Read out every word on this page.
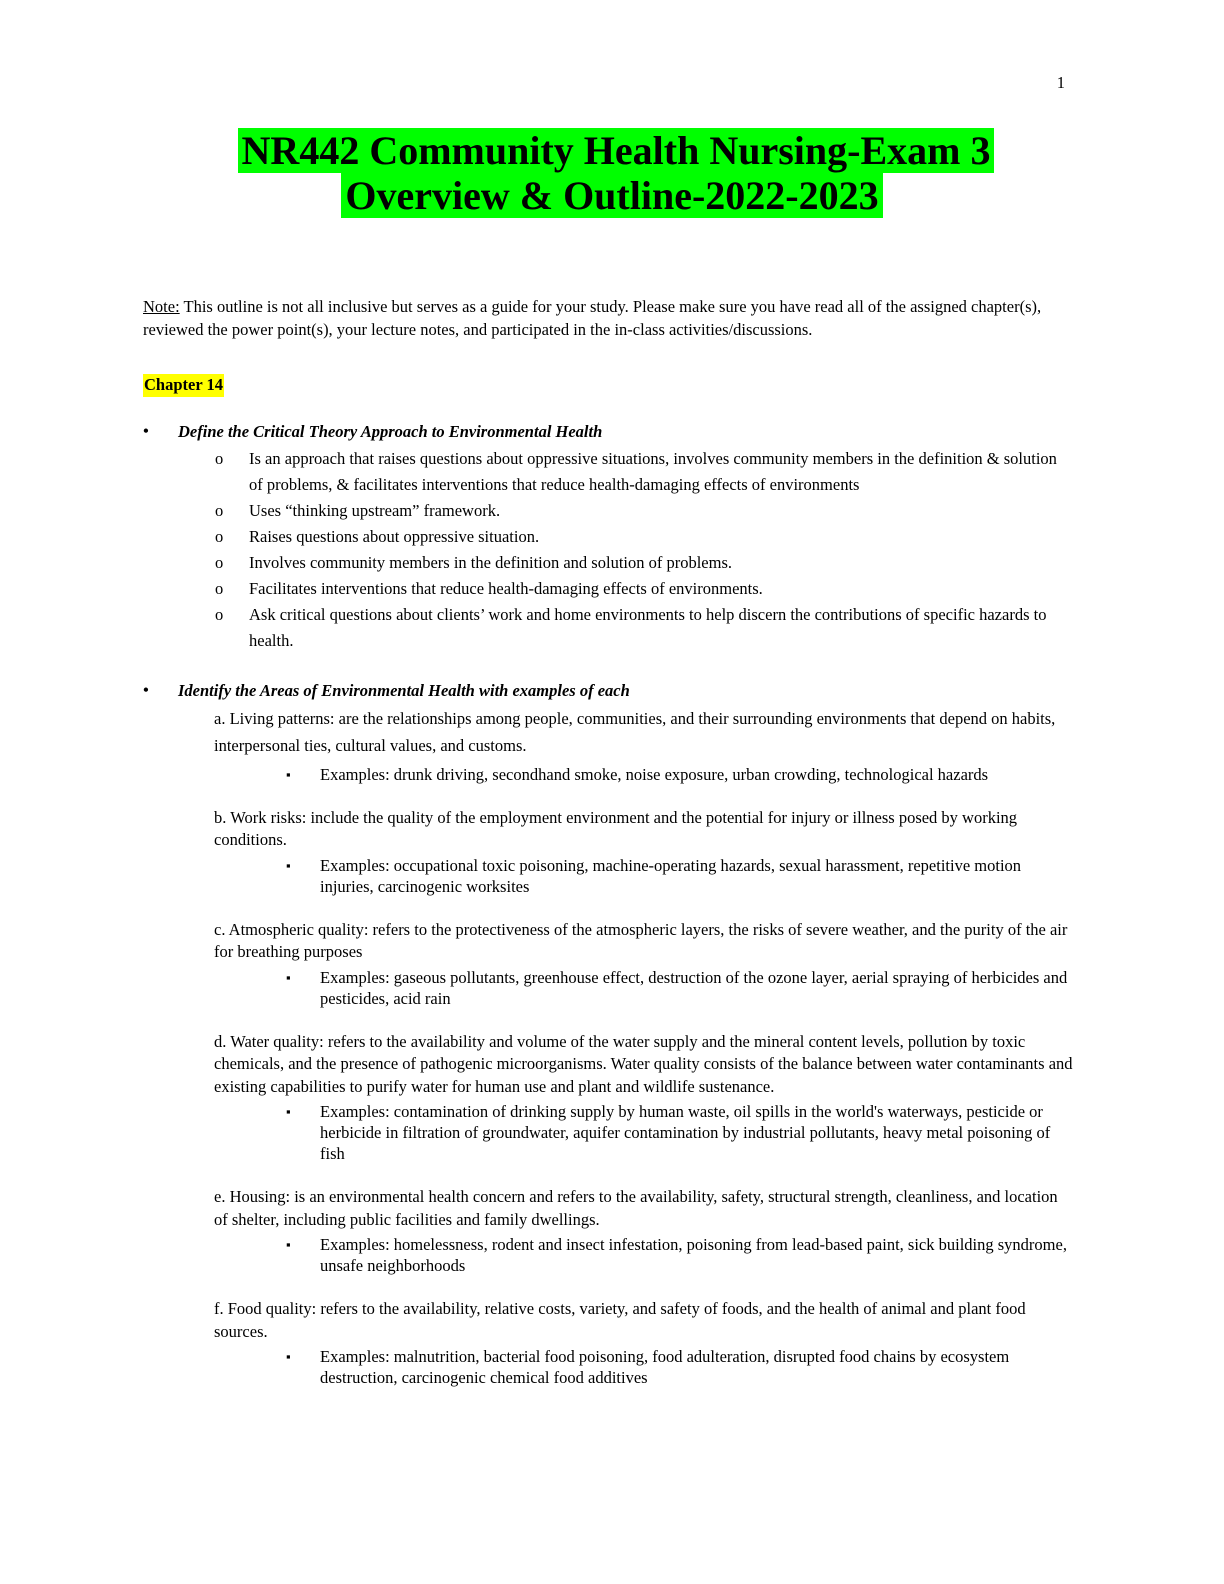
1
NR442 Community Health Nursing-Exam 3
Overview & Outline-2022-2023

Note: This outline is not all inclusive but serves as a guide for your study. Please make sure you have read all of the assigned chapter(s), reviewed the power point(s), your lecture notes, and participated in the in-class activities/discussions.

Chapter 14
• Define the Critical Theory Approach to Environmental Health
o Is an approach that raises questions about oppressive situations, involves community members in the definition & solution of problems, & facilitates interventions that reduce health-damaging effects of environments
o Uses “thinking upstream” framework.
o Raises questions about oppressive situation.
o Involves community members in the definition and solution of problems.
o Facilitates interventions that reduce health-damaging effects of environments.
o Ask critical questions about clients’ work and home environments to help discern the contributions of specific hazards to health.
• Identify the Areas of Environmental Health with examples of each
a. Living patterns: are the relationships among people, communities, and their surrounding environments that depend on habits, interpersonal ties, cultural values, and customs.
▪ Examples: drunk driving, secondhand smoke, noise exposure, urban crowding, technological hazards
b. Work risks: include the quality of the employment environment and the potential for injury or illness posed by working conditions.
▪ Examples: occupational toxic poisoning, machine-operating hazards, sexual harassment, repetitive motion injuries, carcinogenic worksites
c. Atmospheric quality: refers to the protectiveness of the atmospheric layers, the risks of severe weather, and the purity of the air for breathing purposes
▪ Examples: gaseous pollutants, greenhouse effect, destruction of the ozone layer, aerial spraying of herbicides and pesticides, acid rain
d. Water quality: refers to the availability and volume of the water supply and the mineral content levels, pollution by toxic chemicals, and the presence of pathogenic microorganisms. Water quality consists of the balance between water contaminants and existing capabilities to purify water for human use and plant and wildlife sustenance.
▪ Examples: contamination of drinking supply by human waste, oil spills in the world's waterways, pesticide or herbicide in filtration of groundwater, aquifer contamination by industrial pollutants, heavy metal poisoning of fish
e. Housing: is an environmental health concern and refers to the availability, safety, structural strength, cleanliness, and location of shelter, including public facilities and family dwellings.
▪ Examples: homelessness, rodent and insect infestation, poisoning from lead-based paint, sick building syndrome, unsafe neighborhoods
f. Food quality: refers to the availability, relative costs, variety, and safety of foods, and the health of animal and plant food sources.
▪ Examples: malnutrition, bacterial food poisoning, food adulteration, disrupted food chains by ecosystem destruction, carcinogenic chemical food additives
